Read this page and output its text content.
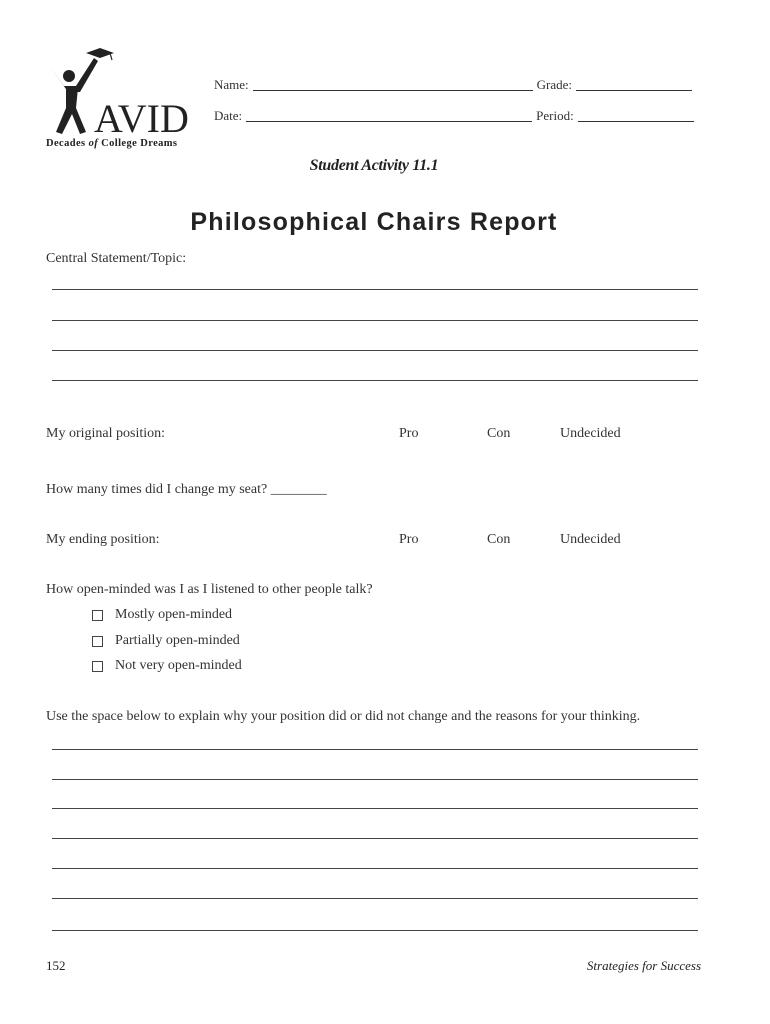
AVID
Decades of College Dreams
Name:	Grade:
Date:	Period:
Student Activity 11.1
Philosophical Chairs Report
Central Statement/Topic:
My original position:	Pro	Con	Undecided
How many times did I change my seat? ________
My ending position:	Pro	Con	Undecided
How open-minded was I as I listened to other people talk?
Mostly open-minded
Partially open-minded
Not very open-minded
Use the space below to explain why your position did or did not change and the reasons for your thinking.
152	Strategies for Success
